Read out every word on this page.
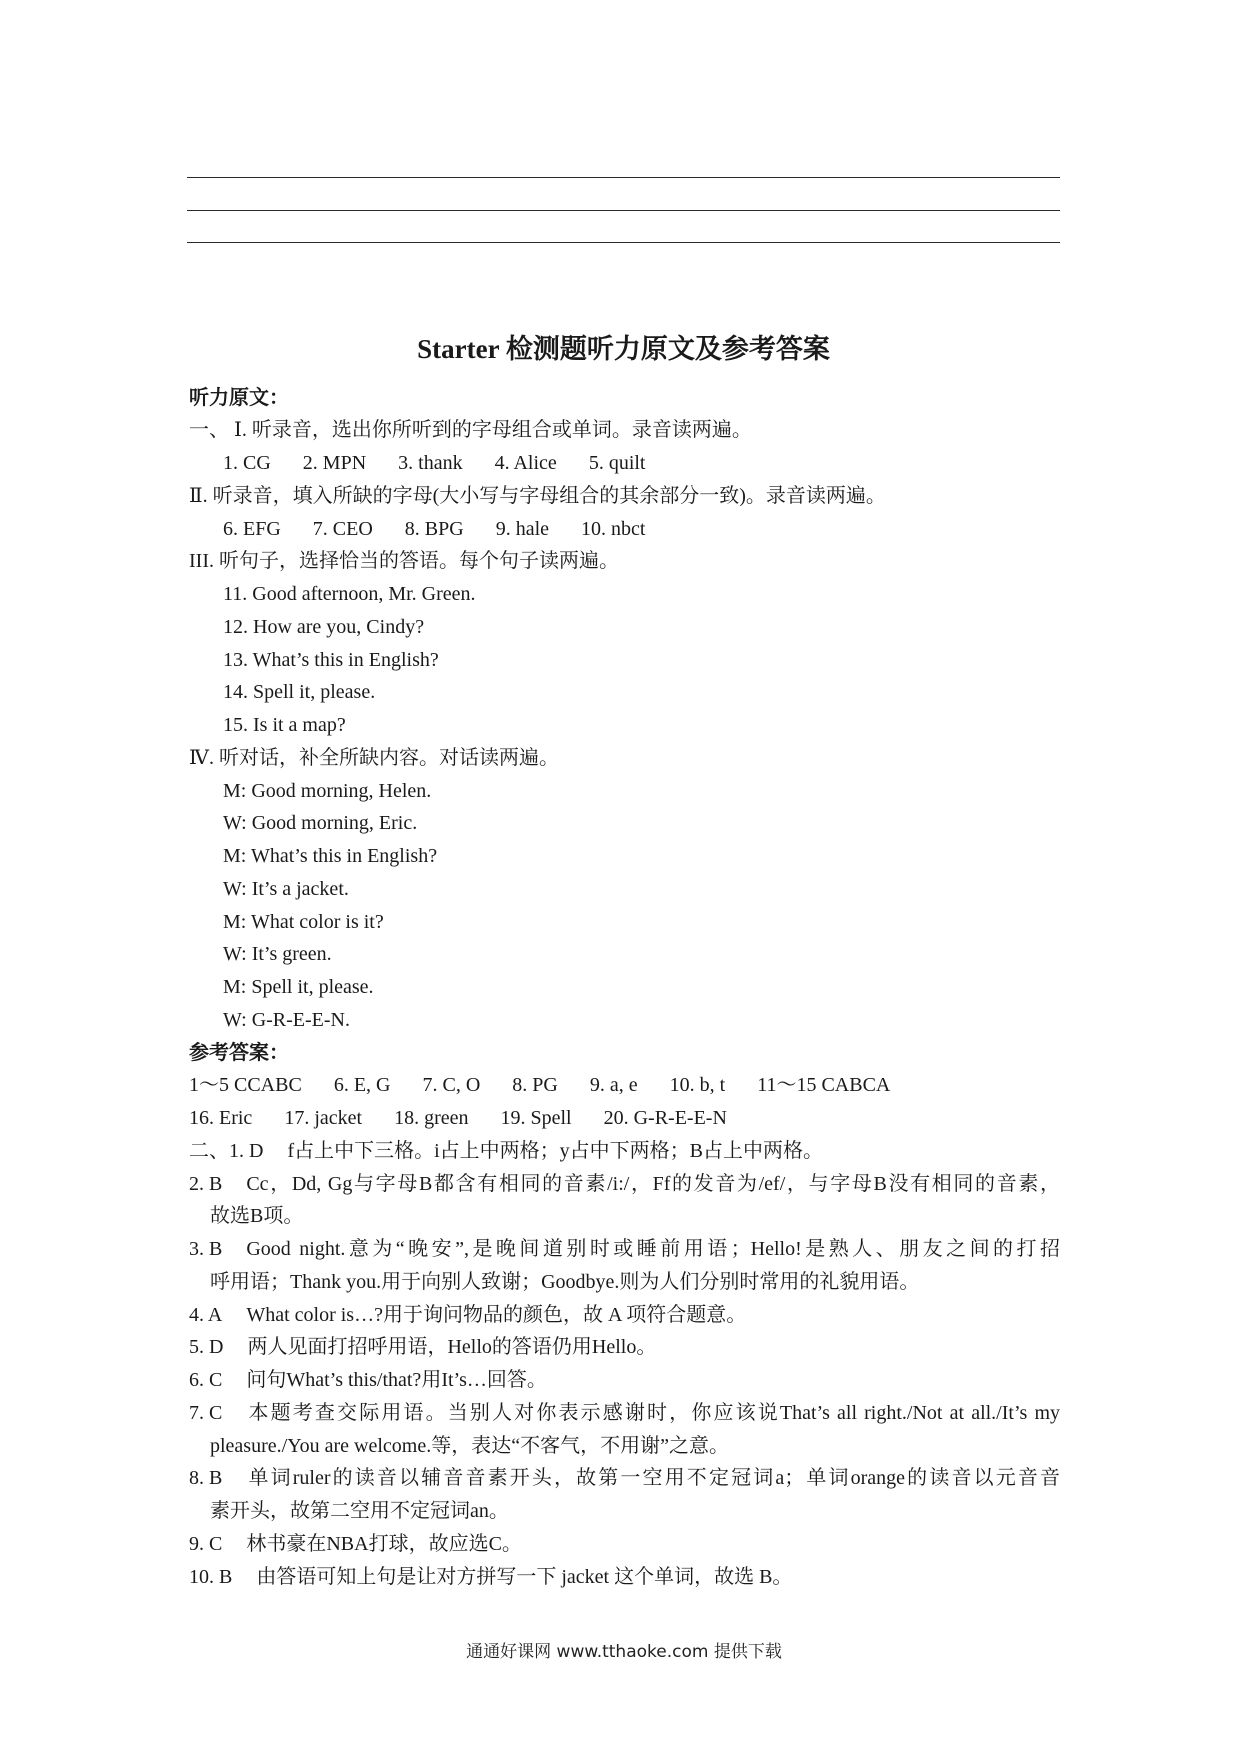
Starter 检测题听力原文及参考答案
听力原文：
一、 Ⅰ. 听录音，选出你所听到的字母组合或单词。录音读两遍。
1. CG 2. MPN 3. thank 4. Alice 5. quilt
Ⅱ. 听录音，填入所缺的字母(大小写与字母组合的其余部分一致)。录音读两遍。
6. EFG 7. CEO 8. BPG 9. hale 10. nbct
III. 听句子，选择恰当的答语。每个句子读两遍。
11. Good afternoon, Mr. Green.
12. How are you, Cindy?
13. What’s this in English?
14. Spell it, please.
15. Is it a map?
Ⅳ. 听对话，补全所缺内容。对话读两遍。
M: Good morning, Helen.
W: Good morning, Eric.
M: What’s this in English?
W: It’s a jacket.
M: What color is it?
W: It’s green.
M: Spell it, please.
W: G-R-E-E-N.
参考答案：
1～5 CCABC 6. E, G 7. C, O 8. PG 9. a, e 10. b, t 11～15 CABCA
16. Eric 17. jacket 18. green 19. Spell 20. G-R-E-E-N
二、1. D f占上中下三格。i占上中两格；y占中下两格；B占上中两格。
2. B Cc，Dd, Gg与字母B都含有相同的音素/i:/，Ff的发音为/ef/，与字母B没有相同的音素，
故选B项。
3. B Good night.意为“晚安”,是晚间道别时或睡前用语；Hello!是熟人、朋友之间的打招
呼用语；Thank you.用于向别人致谢；Goodbye.则为人们分别时常用的礼貌用语。
4. A What color is…?用于询问物品的颜色，故 A 项符合题意。
5. D 两人见面打招呼用语，Hello的答语仍用Hello。
6. C 问句What’s this/that?用It’s…回答。
7. C 本题考查交际用语。当别人对你表示感谢时，你应该说That’s all right./Not at all./It’s my
pleasure./You are welcome.等，表达“不客气，不用谢”之意。
8. B 单词ruler的读音以辅音音素开头，故第一空用不定冠词a；单词orange的读音以元音音
素开头，故第二空用不定冠词an。
9. C 林书豪在NBA打球，故应选C。
10. B 由答语可知上句是让对方拼写一下 jacket 这个单词，故选 B。
通通好课网 www.tthaoke.com 提供下载
